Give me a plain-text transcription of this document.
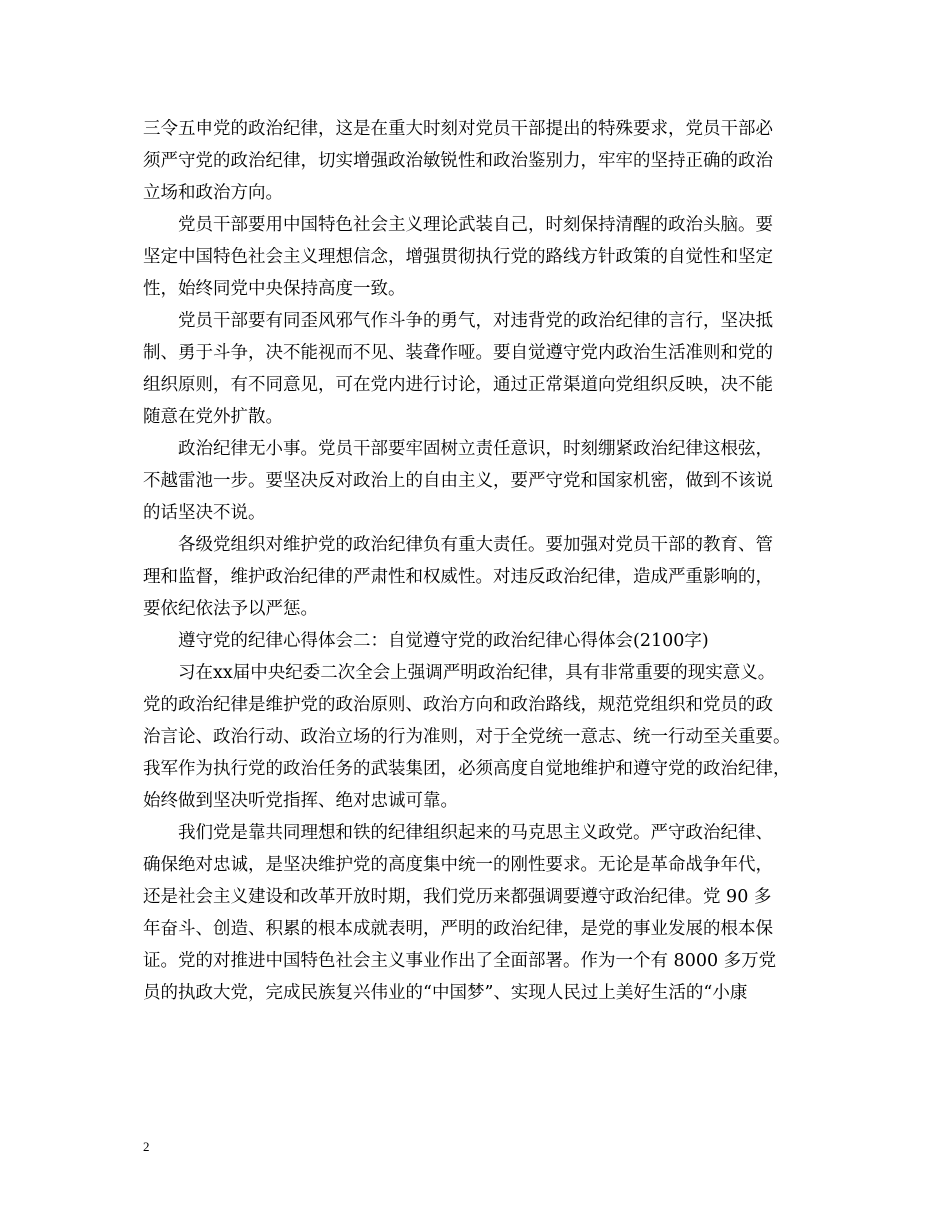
三令五申党的政治纪律，这是在重大时刻对党员干部提出的特殊要求，党员干部必
须严守党的政治纪律，切实增强政治敏锐性和政治鉴别力，牢牢的坚持正确的政治
立场和政治方向。
　　党员干部要用中国特色社会主义理论武装自己，时刻保持清醒的政治头脑。要
坚定中国特色社会主义理想信念，增强贯彻执行党的路线方针政策的自觉性和坚定
性，始终同党中央保持高度一致。
　　党员干部要有同歪风邪气作斗争的勇气，对违背党的政治纪律的言行，坚决抵
制、勇于斗争，决不能视而不见、装聋作哑。要自觉遵守党内政治生活准则和党的
组织原则，有不同意见，可在党内进行讨论，通过正常渠道向党组织反映，决不能
随意在党外扩散。
　　政治纪律无小事。党员干部要牢固树立责任意识，时刻绷紧政治纪律这根弦，
不越雷池一步。要坚决反对政治上的自由主义，要严守党和国家机密，做到不该说
的话坚决不说。
　　各级党组织对维护党的政治纪律负有重大责任。要加强对党员干部的教育、管
理和监督，维护政治纪律的严肃性和权威性。对违反政治纪律，造成严重影响的，
要依纪依法予以严惩。
　　遵守党的纪律心得体会二：自觉遵守党的政治纪律心得体会(2100字)
　　习在xx届中央纪委二次全会上强调严明政治纪律，具有非常重要的现实意义。
党的政治纪律是维护党的政治原则、政治方向和政治路线，规范党组织和党员的政
治言论、政治行动、政治立场的行为准则，对于全党统一意志、统一行动至关重要。
我军作为执行党的政治任务的武装集团，必须高度自觉地维护和遵守党的政治纪律，
始终做到坚决听党指挥、绝对忠诚可靠。
　　我们党是靠共同理想和铁的纪律组织起来的马克思主义政党。严守政治纪律、
确保绝对忠诚，是坚决维护党的高度集中统一的刚性要求。无论是革命战争年代，
还是社会主义建设和改革开放时期，我们党历来都强调要遵守政治纪律。党 90 多
年奋斗、创造、积累的根本成就表明，严明的政治纪律，是党的事业发展的根本保
证。党的对推进中国特色社会主义事业作出了全面部署。作为一个有 8000 多万党
员的执政大党，完成民族复兴伟业的“中国梦”、实现人民过上美好生活的“小康
2
